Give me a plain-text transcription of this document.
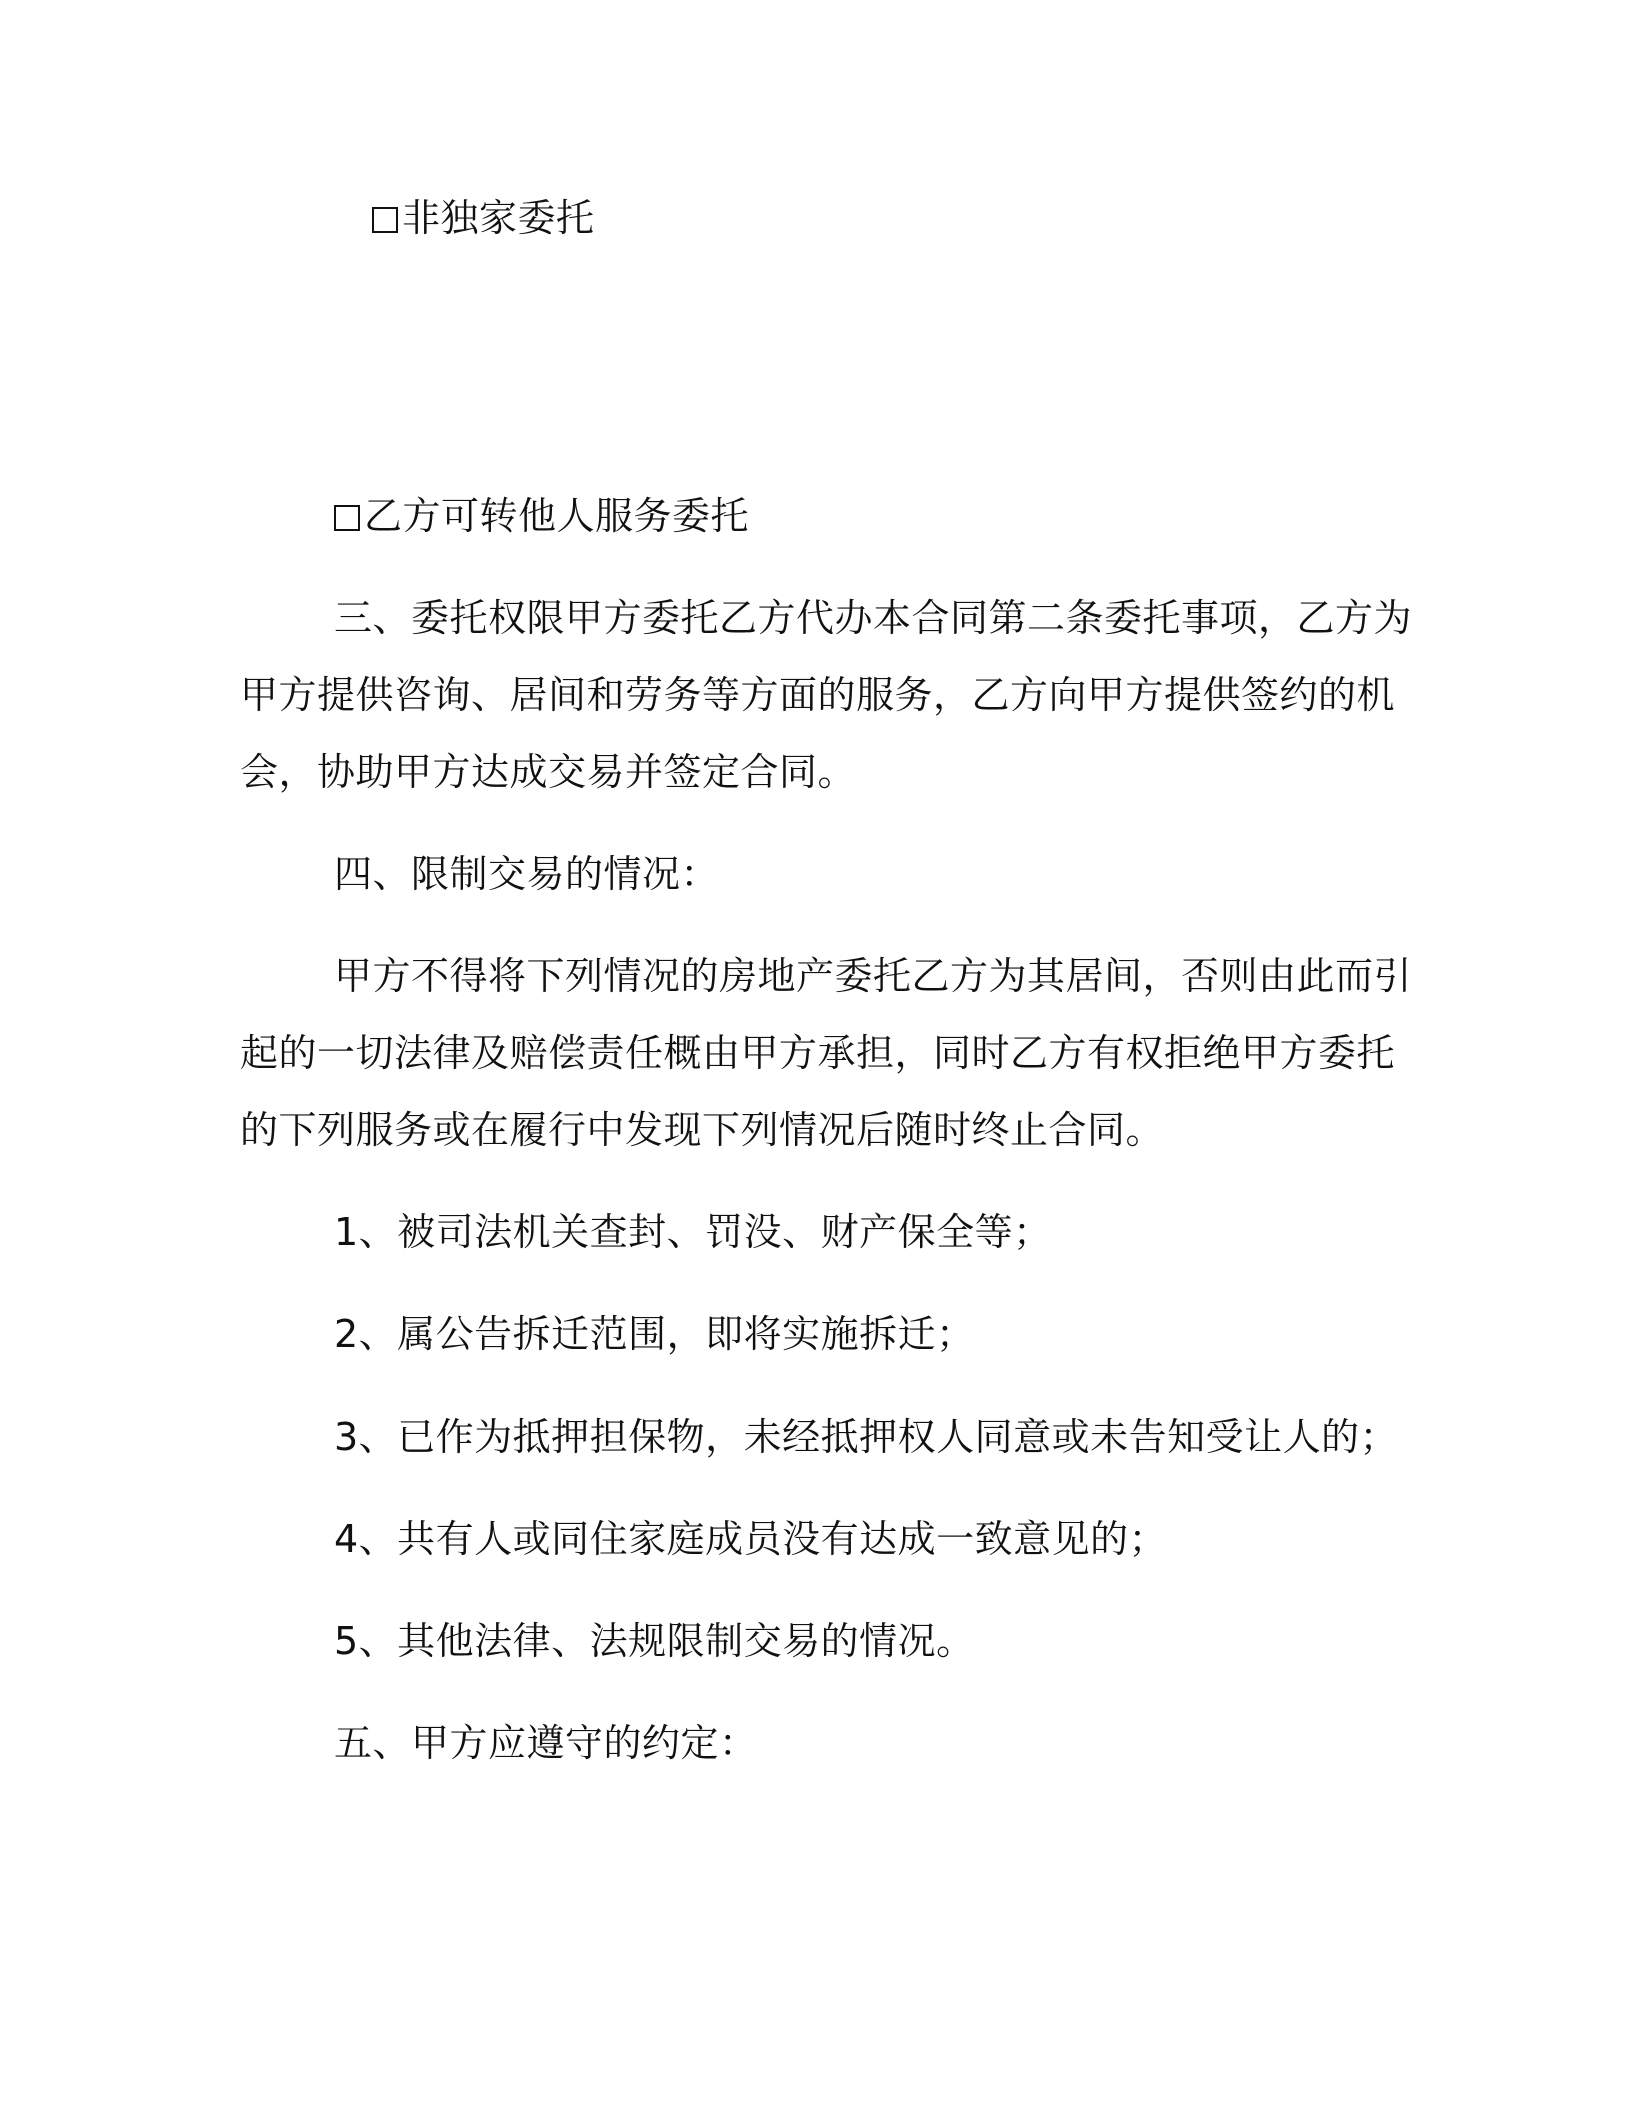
非独家委托
乙方可转他人服务委托
三、委托权限甲方委托乙方代办本合同第二条委托事项，乙方为
甲方提供咨询、居间和劳务等方面的服务，乙方向甲方提供签约的机
会，协助甲方达成交易并签定合同。
四、限制交易的情况：
甲方不得将下列情况的房地产委托乙方为其居间，否则由此而引
起的一切法律及赔偿责任概由甲方承担，同时乙方有权拒绝甲方委托
的下列服务或在履行中发现下列情况后随时终止合同。
1、被司法机关查封、罚没、财产保全等；
2、属公告拆迁范围，即将实施拆迁；
3、已作为抵押担保物，未经抵押权人同意或未告知受让人的；
4、共有人或同住家庭成员没有达成一致意见的；
5、其他法律、法规限制交易的情况。
五、甲方应遵守的约定：
